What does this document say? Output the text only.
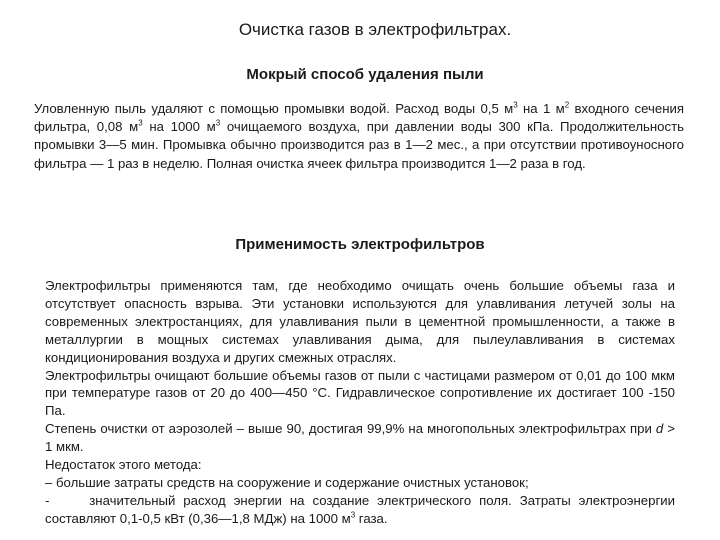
Очистка газов в электрофильтрах.
Мокрый способ удаления пыли
Уловленную пыль удаляют с помощью промывки водой. Расход воды 0,5 $м^3$ на 1 $м^2$ входного сечения фильтра, 0,08 $м^3$ на 1000 $м^3$ очищаемого воздуха, при давлении воды 300 кПа. Продолжительность промывки 3—5 мин. Промывка обычно производится раз в 1—2 мес., а при отсутствии противоуносного фильтра — 1 раз в неделю. Полная очистка ячеек фильтра производится 1—2 раза в год.
Применимость электрофильтров
Электрофильтры применяются там, где необходимо очищать очень большие объемы газа и отсутствует опасность взрыва. Эти установки используются для улавливания летучей золы на современных электростанциях, для улавливания пыли в цементной промышленности, а также в металлургии в мощных системах улавливания дыма, для пылеулавливания в системах кондиционирования воздуха и других смежных отраслях.
Электрофильтры очищают большие объемы газов от пыли с частицами размером от 0,01 до 100 мкм при температуре газов от 20 до 400—450 °С. Гидравлическое сопротивление их достигает 100 -150 Па.
Степень очистки от аэрозолей – выше 90, достигая 99,9% на многопольных электрофильтрах при d > 1 мкм.
Недостаток этого метода:
– большие затраты средств на сооружение и содержание очистных установок;
-	значительный расход энергии на создание электрического поля. Затраты электроэнергии составляют 0,1-0,5 кВт (0,36—1,8 МДж) на 1000 $м^3$ газа.
